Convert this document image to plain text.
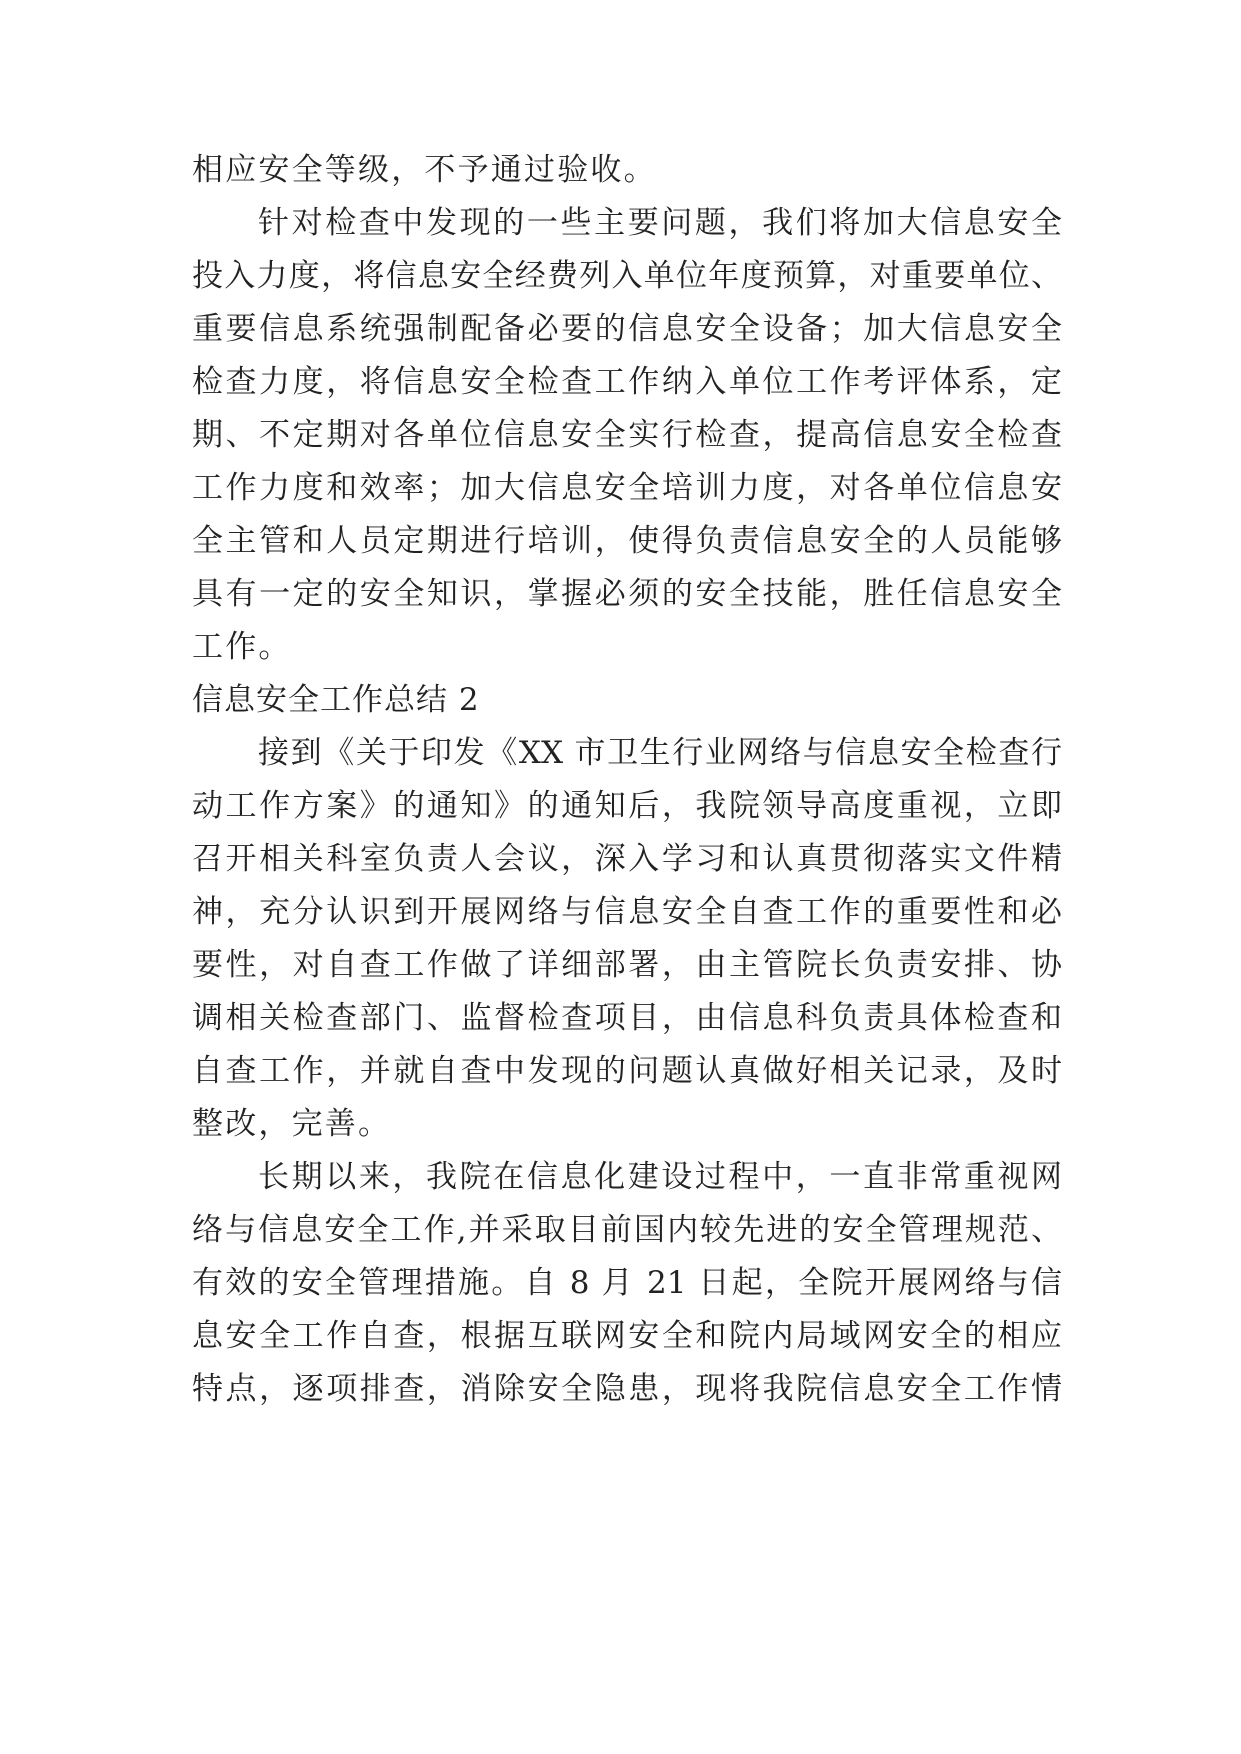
相应安全等级，不予通过验收。
针对检查中发现的一些主要问题，我们将加大信息安全
投入力度，将信息安全经费列入单位年度预算，对重要单位、
重要信息系统强制配备必要的信息安全设备；加大信息安全
检查力度，将信息安全检查工作纳入单位工作考评体系，定
期、不定期对各单位信息安全实行检查，提高信息安全检查
工作力度和效率；加大信息安全培训力度，对各单位信息安
全主管和人员定期进行培训，使得负责信息安全的人员能够
具有一定的安全知识，掌握必须的安全技能，胜任信息安全
工作。
信息安全工作总结 2
接到《关于印发《XX 市卫生行业网络与信息安全检查行
动工作方案》的通知》的通知后，我院领导高度重视，立即
召开相关科室负责人会议，深入学习和认真贯彻落实文件精
神，充分认识到开展网络与信息安全自查工作的重要性和必
要性，对自查工作做了详细部署，由主管院长负责安排、协
调相关检查部门、监督检查项目，由信息科负责具体检查和
自查工作，并就自查中发现的问题认真做好相关记录，及时
整改，完善。
长期以来，我院在信息化建设过程中，一直非常重视网
络与信息安全工作,并采取目前国内较先进的安全管理规范、
有效的安全管理措施。自 8 月 21 日起，全院开展网络与信
息安全工作自查，根据互联网安全和院内局域网安全的相应
特点，逐项排查，消除安全隐患，现将我院信息安全工作情
